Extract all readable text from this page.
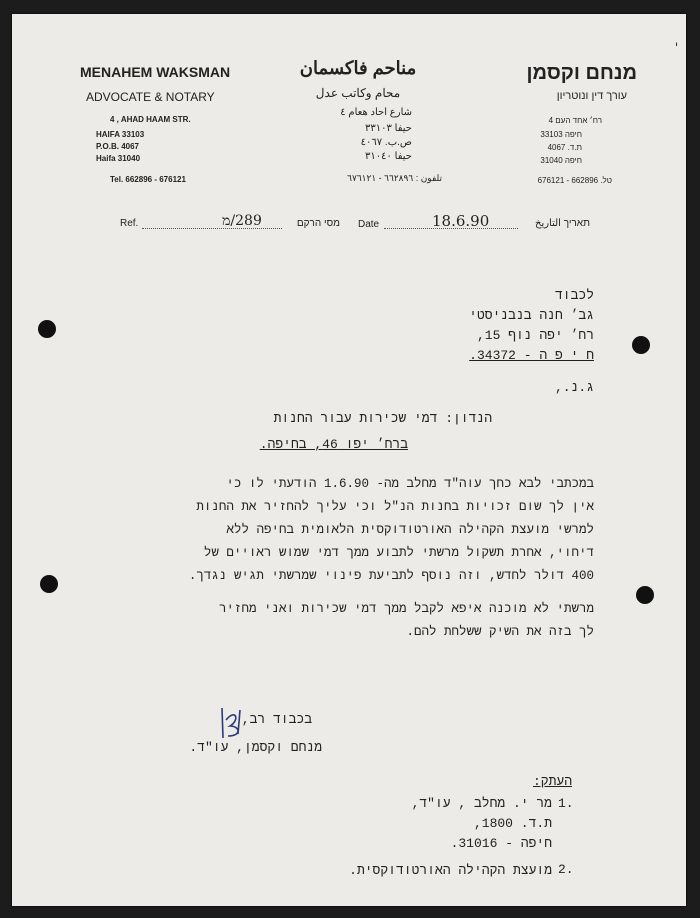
י
MENAHEM WAKSMAN
ADVOCATE & NOTARY
4 , AHAD HAAM STR.
HAIFA 33103
P.O.B. 4067
Haifa 31040
Tel. 662896 - 676121
مناحم فاكسمان
محام وكاتب عدل
شارع احاد هعام ٤
حيفا ٣٣١٠٣
ص.ب. ٤٠٦٧
حيفا ٣١٠٤٠
تلفون : ٦٦٢٨٩٦ - ٦٧٦١٢١
מנחם וקסמן
עורך דין ונוטריון
רח׳ אחד העם 4
חיפה 33103
ת.ד. 4067
חיפה 31040
טל. 662896 - 676121
Ref.	289/מ	מסי הרקם Date	18.6.90	תאריך التاريخ
לכבוד
גב׳ חנה בנבניסטי
רח׳ יפה נוף 15,
ח י פ ה - 34372.
ג.נ.,
הנדון: דמי שכירות עבור החנות
ברח׳ יפו 46, בחיפה.
במכתבי לבא כחך עוה"ד מחלב מה- 1.6.90 הודעתי לו כי
אין לך שום זכויות בחנות הנ"ל וכי עליך להחזיר את החנות
למרשי מועצת הקהילה האורטודוקסית הלאומית בחיפה ללא
דיחוי, אחרת תשקול מרשתי לתבוע ממך דמי שמוש ראויים של
400 דולר לחדש, וזה נוסף לתביעת פינוי שמרשתי תגיש נגדך.
מרשתי לא מוכנה איפא לקבל ממך דמי שכירות ואני מחזיר
לך בזה את השיק ששלחת להם.
בכבוד רב,
מנחם וקסמן, עו"ד.
העתק:
1.
מר י. מחלב , עו"ד,
ת.ד. 1800,
חיפה - 31016.
2.
מועצת הקהילה האורטודוקסית.
